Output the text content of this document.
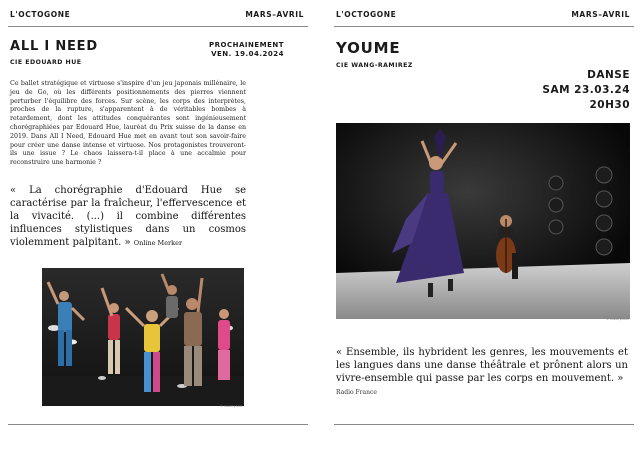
L'OCTOGONE	MARS–AVRIL
ALL I NEED
CIE EDOUARD HUE
PROCHAINEMENT
VEN. 19.04.2024
Ce ballet stratégique et virtuose s'inspire d'un jeu japonais millénaire, le jeu de Go, où les différents positionnements des pierres viennent perturber l'équilibre des forces. Sur scène, les corps des interprètes, proches de la rupture, s'apparentent à de véritables bombes à retardement, dont les attitudes conquérantes sont ingénieusement chorégraphiées par Edouard Hue, lauréat du Prix suisse de la danse en 2019. Dans All I Need, Edouard Hue met en avant tout son savoir-faire pour créer une danse intense et virtuose. Nos protagonistes trouveront-ils une issue ? Le chaos laissera-t-il place à une accalmie pour reconstruire une harmonie ?
« La chorégraphie d'Edouard Hue se caractérise par la fraîcheur, l'effervescence et la vivacité. (...) il combine différentes influences stylistiques dans un cosmos violemment palpitant. » Online Merker
© Crédit photo
L'OCTOGONE	MARS–AVRIL
YOUME
CIE WANG-RAMIREZ
DANSE
SAM 23.03.24
20H30
© Crédit photo
« Ensemble, ils hybrident les genres, les mouvements et les langues dans une danse théâtrale et prônent alors un vivre-ensemble qui passe par les corps en mouvement. »
Radio France
